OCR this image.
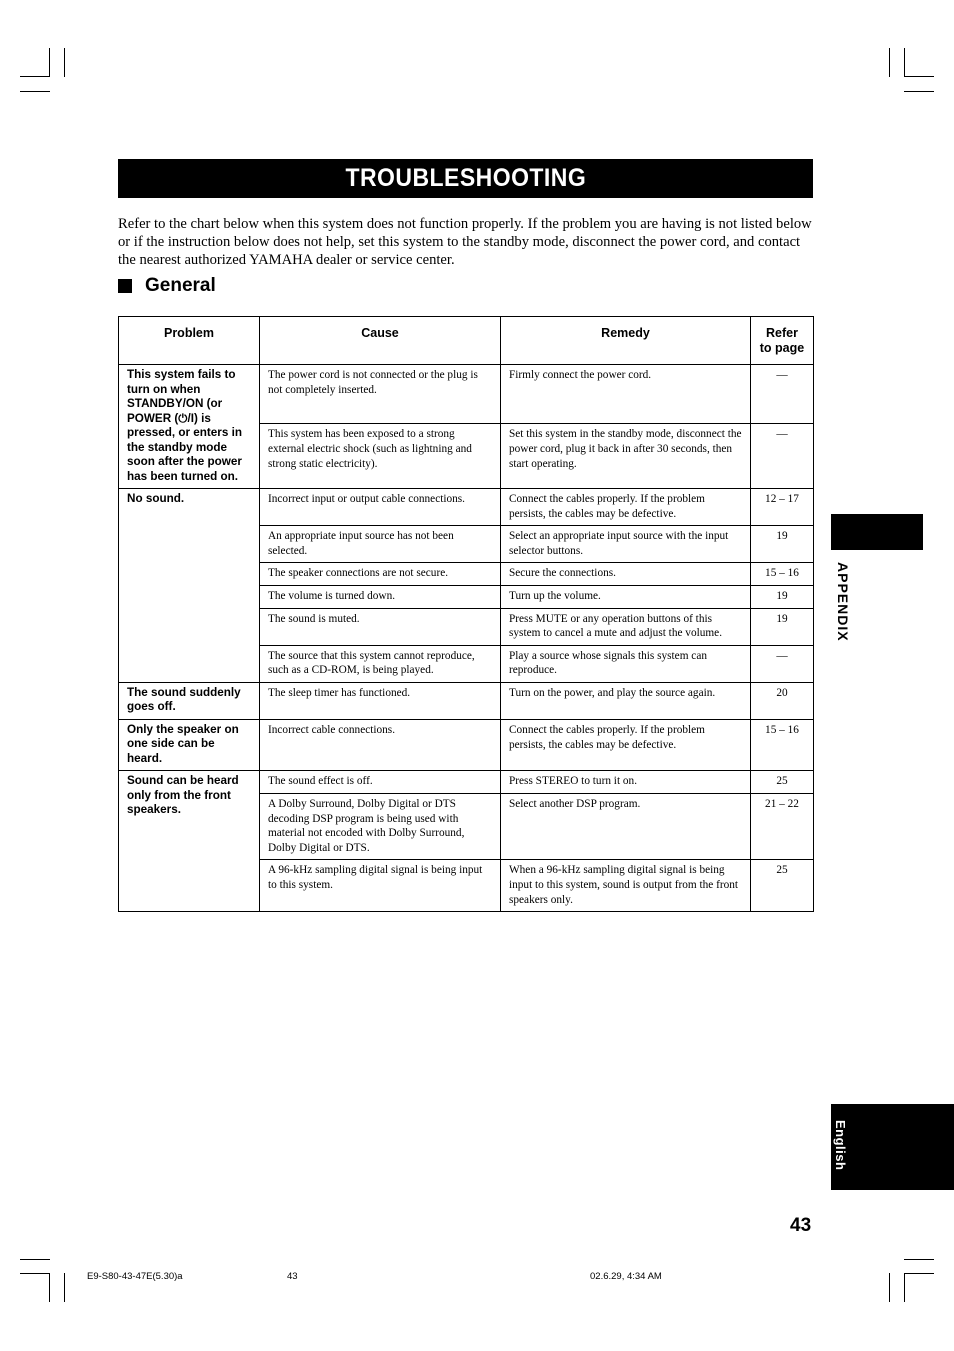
TROUBLESHOOTING
Refer to the chart below when this system does not function properly. If the problem you are having is not listed below or if the instruction below does not help, set this system to the standby mode, disconnect the power cord, and contact the nearest authorized YAMAHA dealer or service center.
General
Problem	Cause	Remedy	Refer to page
This system fails to turn on when STANDBY/ON (or POWER (⏻/I) is pressed, or enters in the standby mode soon after the power has been turned on.	The power cord is not connected or the plug is not completely inserted.	Firmly connect the power cord.	—
	This system has been exposed to a strong external electric shock (such as lightning and strong static electricity).	Set this system in the standby mode, disconnect the power cord, plug it back in after 30 seconds, then start operating.	—
No sound.	Incorrect input or output cable connections.	Connect the cables properly. If the problem persists, the cables may be defective.	12 – 17
	An appropriate input source has not been selected.	Select an appropriate input source with the input selector buttons.	19
	The speaker connections are not secure.	Secure the connections.	15 – 16
	The volume is turned down.	Turn up the volume.	19
	The sound is muted.	Press MUTE or any operation buttons of this system to cancel a mute and adjust the volume.	19
	The source that this system cannot reproduce, such as a CD-ROM, is being played.	Play a source whose signals this system can reproduce.	—
The sound suddenly goes off.	The sleep timer has functioned.	Turn on the power, and play the source again.	20
Only the speaker on one side can be heard.	Incorrect cable connections.	Connect the cables properly. If the problem persists, the cables may be defective.	15 – 16
Sound can be heard only from the front speakers.	The sound effect is off.	Press STEREO to turn it on.	25
	A Dolby Surround, Dolby Digital or DTS decoding DSP program is being used with material not encoded with Dolby Surround, Dolby Digital or DTS.	Select another DSP program.	21 – 22
	A 96-kHz sampling digital signal is being input to this system.	When a 96-kHz sampling digital signal is being input to this system, sound is output from the front speakers only.	25
APPENDIX
English
43
E9-S80-43-47E(5.30)a	43	02.6.29, 4:34 AM
